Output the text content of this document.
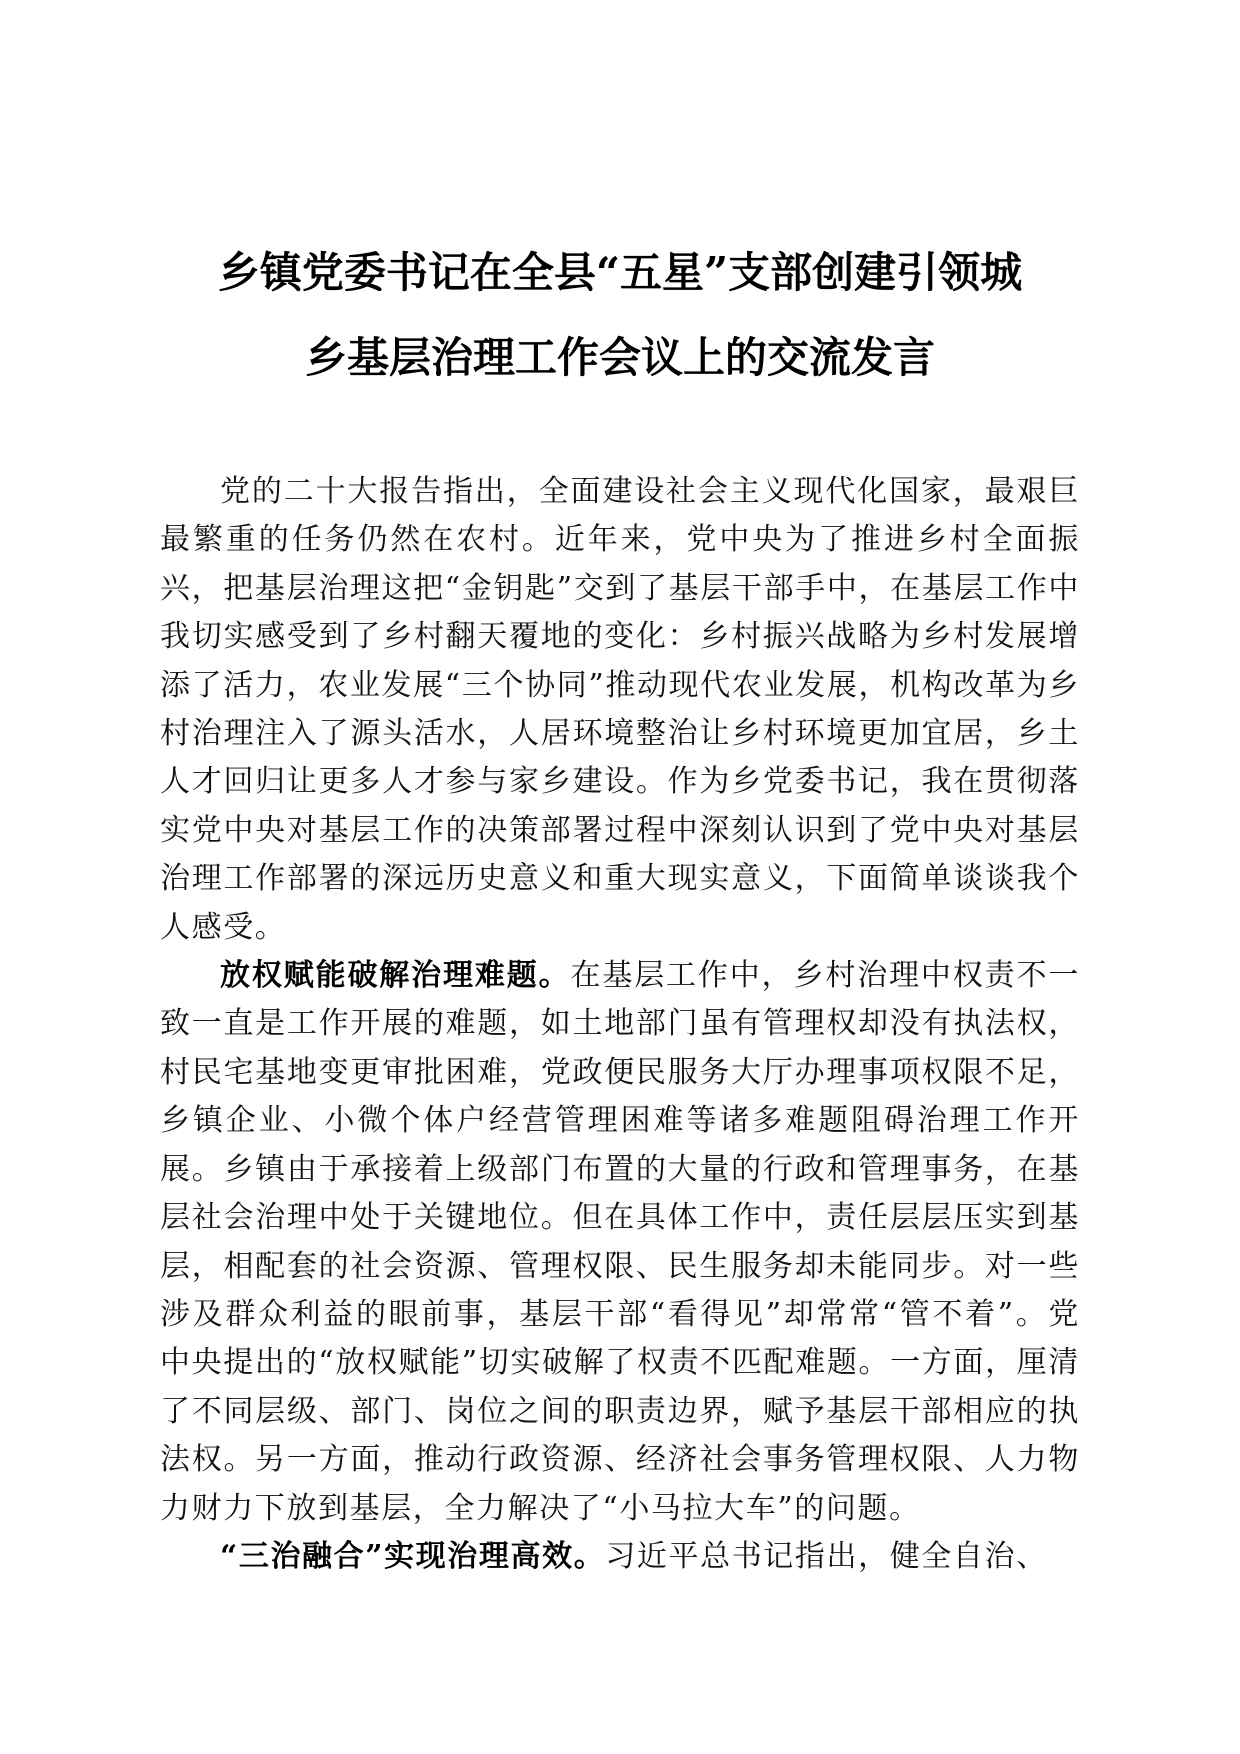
乡镇党委书记在全县“五星”支部创建引领城
乡基层治理工作会议上的交流发言

党的二十大报告指出，全面建设社会主义现代化国家，最艰巨最繁重的任务仍然在农村。近年来，党中央为了推进乡村全面振兴，把基层治理这把“金钥匙”交到了基层干部手中，在基层工作中我切实感受到了乡村翻天覆地的变化：乡村振兴战略为乡村发展增添了活力，农业发展“三个协同”推动现代农业发展，机构改革为乡村治理注入了源头活水，人居环境整治让乡村环境更加宜居，乡土人才回归让更多人才参与家乡建设。作为乡党委书记，我在贯彻落实党中央对基层工作的决策部署过程中深刻认识到了党中央对基层治理工作部署的深远历史意义和重大现实意义，下面简单谈谈我个人感受。

放权赋能破解治理难题。在基层工作中，乡村治理中权责不一致一直是工作开展的难题，如土地部门虽有管理权却没有执法权，村民宅基地变更审批困难，党政便民服务大厅办理事项权限不足，乡镇企业、小微个体户经营管理困难等诸多难题阻碍治理工作开展。乡镇由于承接着上级部门布置的大量的行政和管理事务，在基层社会治理中处于关键地位。但在具体工作中，责任层层压实到基层，相配套的社会资源、管理权限、民生服务却未能同步。对一些涉及群众利益的眼前事，基层干部“看得见”却常常“管不着”。党中央提出的“放权赋能”切实破解了权责不匹配难题。一方面，厘清了不同层级、部门、岗位之间的职责边界，赋予基层干部相应的执法权。另一方面，推动行政资源、经济社会事务管理权限、人力物力财力下放到基层，全力解决了“小马拉大车”的问题。

“三治融合”实现治理高效。习近平总书记指出，健全自治、
